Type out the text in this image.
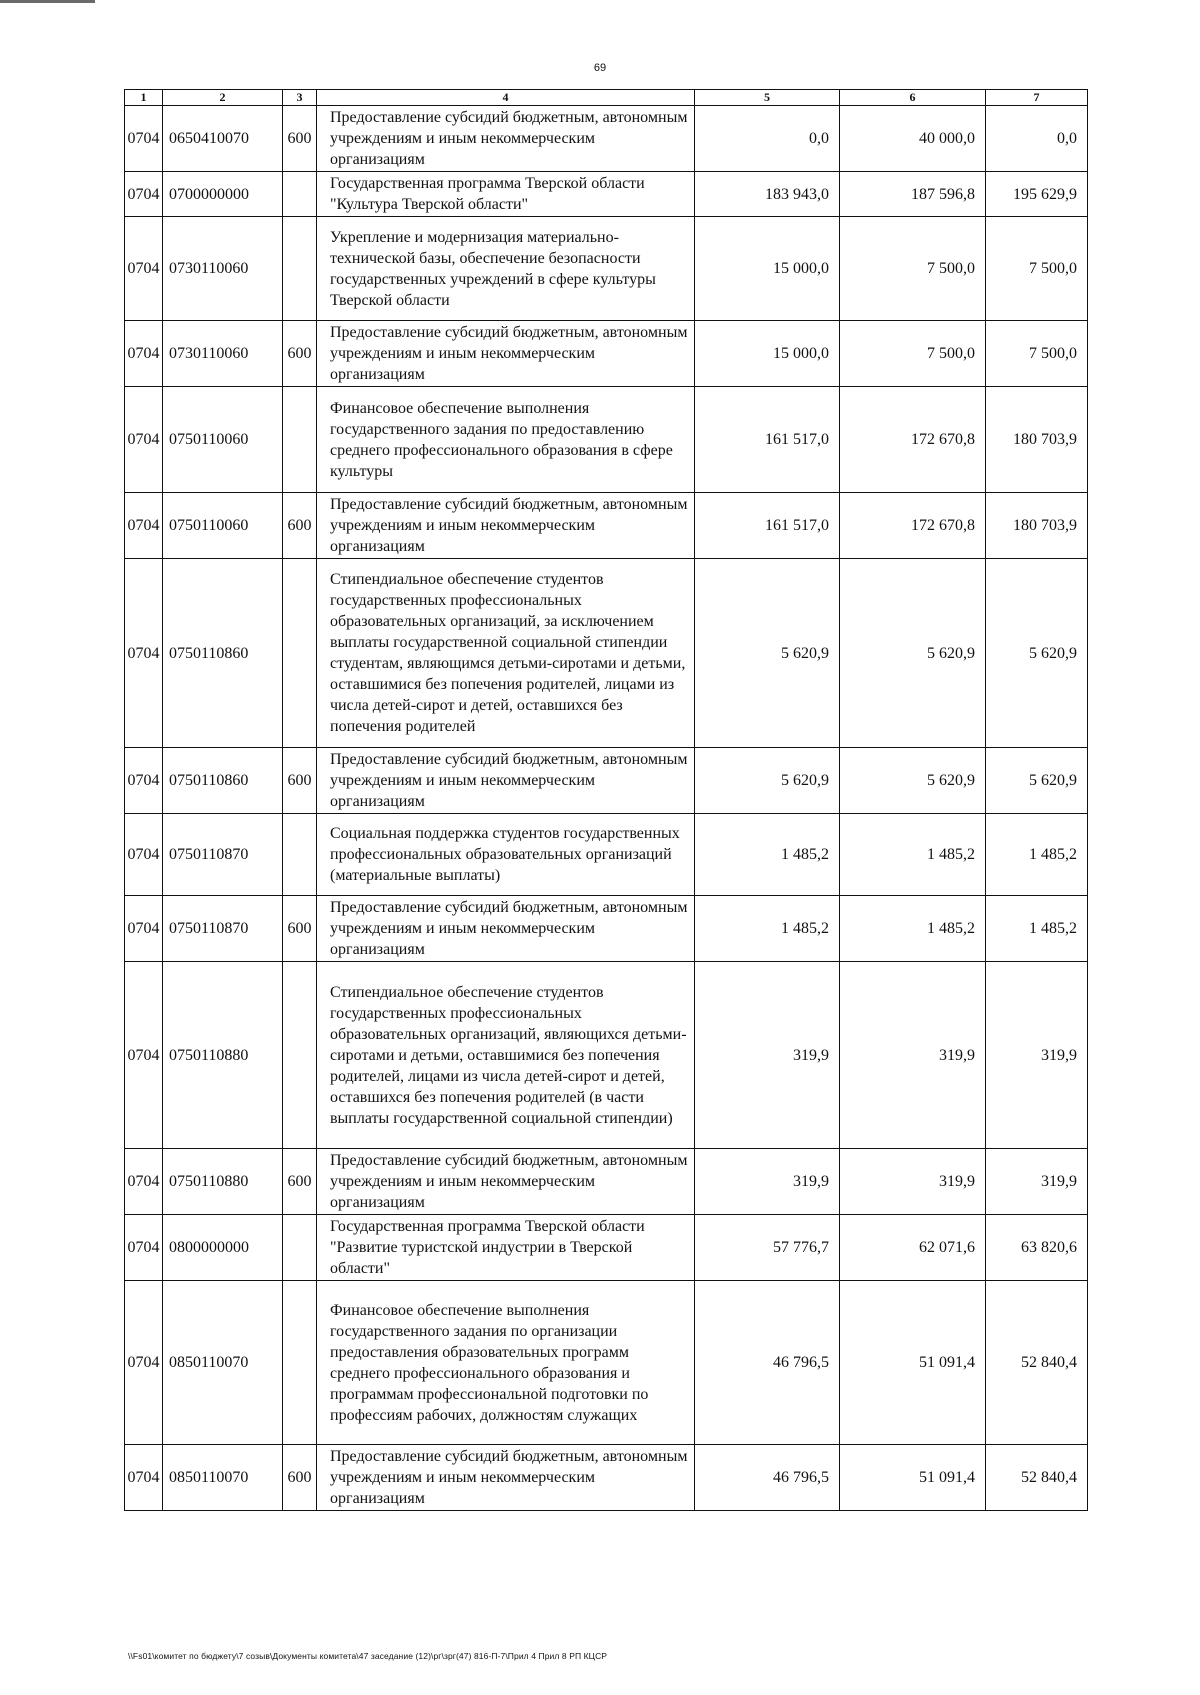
69
1	2	3	4	5	6	7
0704	0650410070	600	Предоставление субсидий бюджетным, автономным учреждениям и иным некоммерческим организациям	0,0	40 000,0	0,0
0704	0700000000		Государственная программа Тверской области "Культура Тверской области"	183 943,0	187 596,8	195 629,9
0704	0730110060		Укрепление и модернизация материально-технической базы, обеспечение безопасности государственных учреждений в сфере культуры Тверской области	15 000,0	7 500,0	7 500,0
0704	0730110060	600	Предоставление субсидий бюджетным, автономным учреждениям и иным некоммерческим организациям	15 000,0	7 500,0	7 500,0
0704	0750110060		Финансовое обеспечение выполнения государственного задания по предоставлению среднего профессионального образования в сфере культуры	161 517,0	172 670,8	180 703,9
0704	0750110060	600	Предоставление субсидий бюджетным, автономным учреждениям и иным некоммерческим организациям	161 517,0	172 670,8	180 703,9
0704	0750110860		Стипендиальное обеспечение студентов государственных профессиональных образовательных организаций, за исключением выплаты государственной социальной стипендии студентам, являющимся детьми-сиротами и детьми, оставшимися без попечения родителей, лицами из числа детей-сирот и детей, оставшихся без попечения родителей	5 620,9	5 620,9	5 620,9
0704	0750110860	600	Предоставление субсидий бюджетным, автономным учреждениям и иным некоммерческим организациям	5 620,9	5 620,9	5 620,9
0704	0750110870		Социальная поддержка студентов государственных профессиональных образовательных организаций (материальные выплаты)	1 485,2	1 485,2	1 485,2
0704	0750110870	600	Предоставление субсидий бюджетным, автономным учреждениям и иным некоммерческим организациям	1 485,2	1 485,2	1 485,2
0704	0750110880		Стипендиальное обеспечение студентов государственных профессиональных образовательных организаций, являющихся детьми-сиротами и детьми, оставшимися без попечения родителей, лицами из числа детей-сирот и детей, оставшихся без попечения родителей (в части выплаты государственной социальной стипендии)	319,9	319,9	319,9
0704	0750110880	600	Предоставление субсидий бюджетным, автономным учреждениям и иным некоммерческим организациям	319,9	319,9	319,9
0704	0800000000		Государственная программа Тверской области "Развитие туристской индустрии в Тверской области"	57 776,7	62 071,6	63 820,6
0704	0850110070		Финансовое обеспечение выполнения государственного задания по организации предоставления образовательных программ среднего профессионального образования и программам профессиональной подготовки по профессиям рабочих, должностям служащих	46 796,5	51 091,4	52 840,4
0704	0850110070	600	Предоставление субсидий бюджетным, автономным учреждениям и иным некоммерческим организациям	46 796,5	51 091,4	52 840,4
\\Fs01\комитет по бюджету\7 созыв\Документы комитета\47 заседание (12)\рг\зрг(47) 816-П-7\Прил 4 Прил 8 РП КЦСР
